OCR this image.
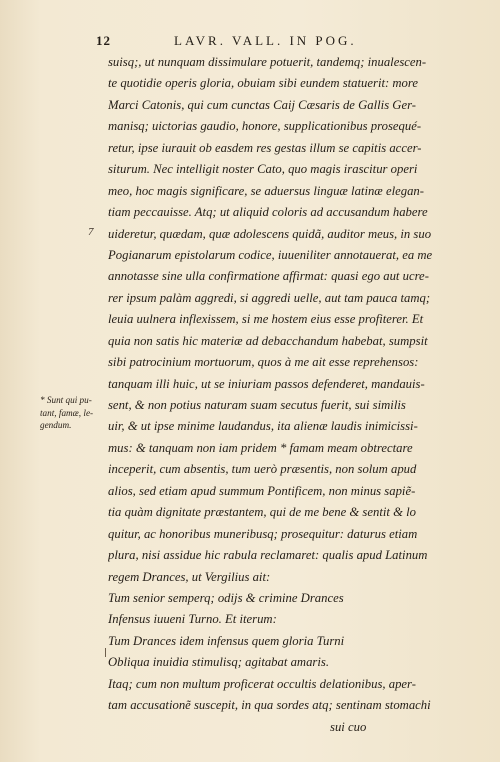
12	LAVR. VALL. IN POG.
7
* Sunt qui pu-
tant, famæ, le-
gendum.
suisq;, ut nunquam dissimulare potuerit, tandemq; inualescen-
te quotidie operis gloria, obuiam sibi eundem statuerit: more
Marci Catonis, qui cum cunctas Caij Cæsaris de Gallis Ger-
manisq; uictorias gaudio, honore, supplicationibus prosequé-
retur, ipse iurauit ob easdem res gestas illum se capitis accer-
siturum. Nec intelligit noster Cato, quo magis irascitur operi
meo, hoc magis significare, se aduersus linguæ latinæ elegan-
tiam peccauisse. Atq; ut aliquid coloris ad accusandum habere
uideretur, quædam, quæ adolescens quidã, auditor meus, in suo
Pogianarum epistolarum codice, iuueniliter annotauerat, ea me
annotasse sine ulla confirmatione affirmat: quasi ego aut ucre-
rer ipsum palàm aggredi, si aggredi uelle, aut tam pauca tamq;
leuia uulnera inflexissem, si me hostem eius esse profiterer. Et
quia non satis hic materiæ ad debacchandum habebat, sumpsit
sibi patrocinium mortuorum, quos à me ait esse reprehensos:
tanquam illi huic, ut se iniuriam passos defenderet, mandauis-
sent, & non potius naturam suam secutus fuerit, sui similis
uir, & ut ipse minime laudandus, ita alienæ laudis inimicissi-
mus: & tanquam non iam pridem * famam meam obtrectare
inceperit, cum absentis, tum uerò præsentis, non solum apud
alios, sed etiam apud summum Pontificem, non minus sapiẽ-
tia quàm dignitate præstantem, qui de me bene & sentit & lo
quitur, ac honoribus muneribusq; prosequitur: daturus etiam
plura, nisi assidue hic rabula reclamaret: qualis apud Latinum
regem Drances, ut Vergilius ait:
Tum senior semperq; odijs & crimine Drances
Infensus iuueni Turno. Et iterum:
Tum Drances idem infensus quem gloria Turni
Obliqua inuidia stimulisq; agitabat amaris.
Itaq; cum non multum proficerat occultis delationibus, aper-
tam accusationẽ suscepit, in qua sordes atq; sentinam stomachi
sui cuo
